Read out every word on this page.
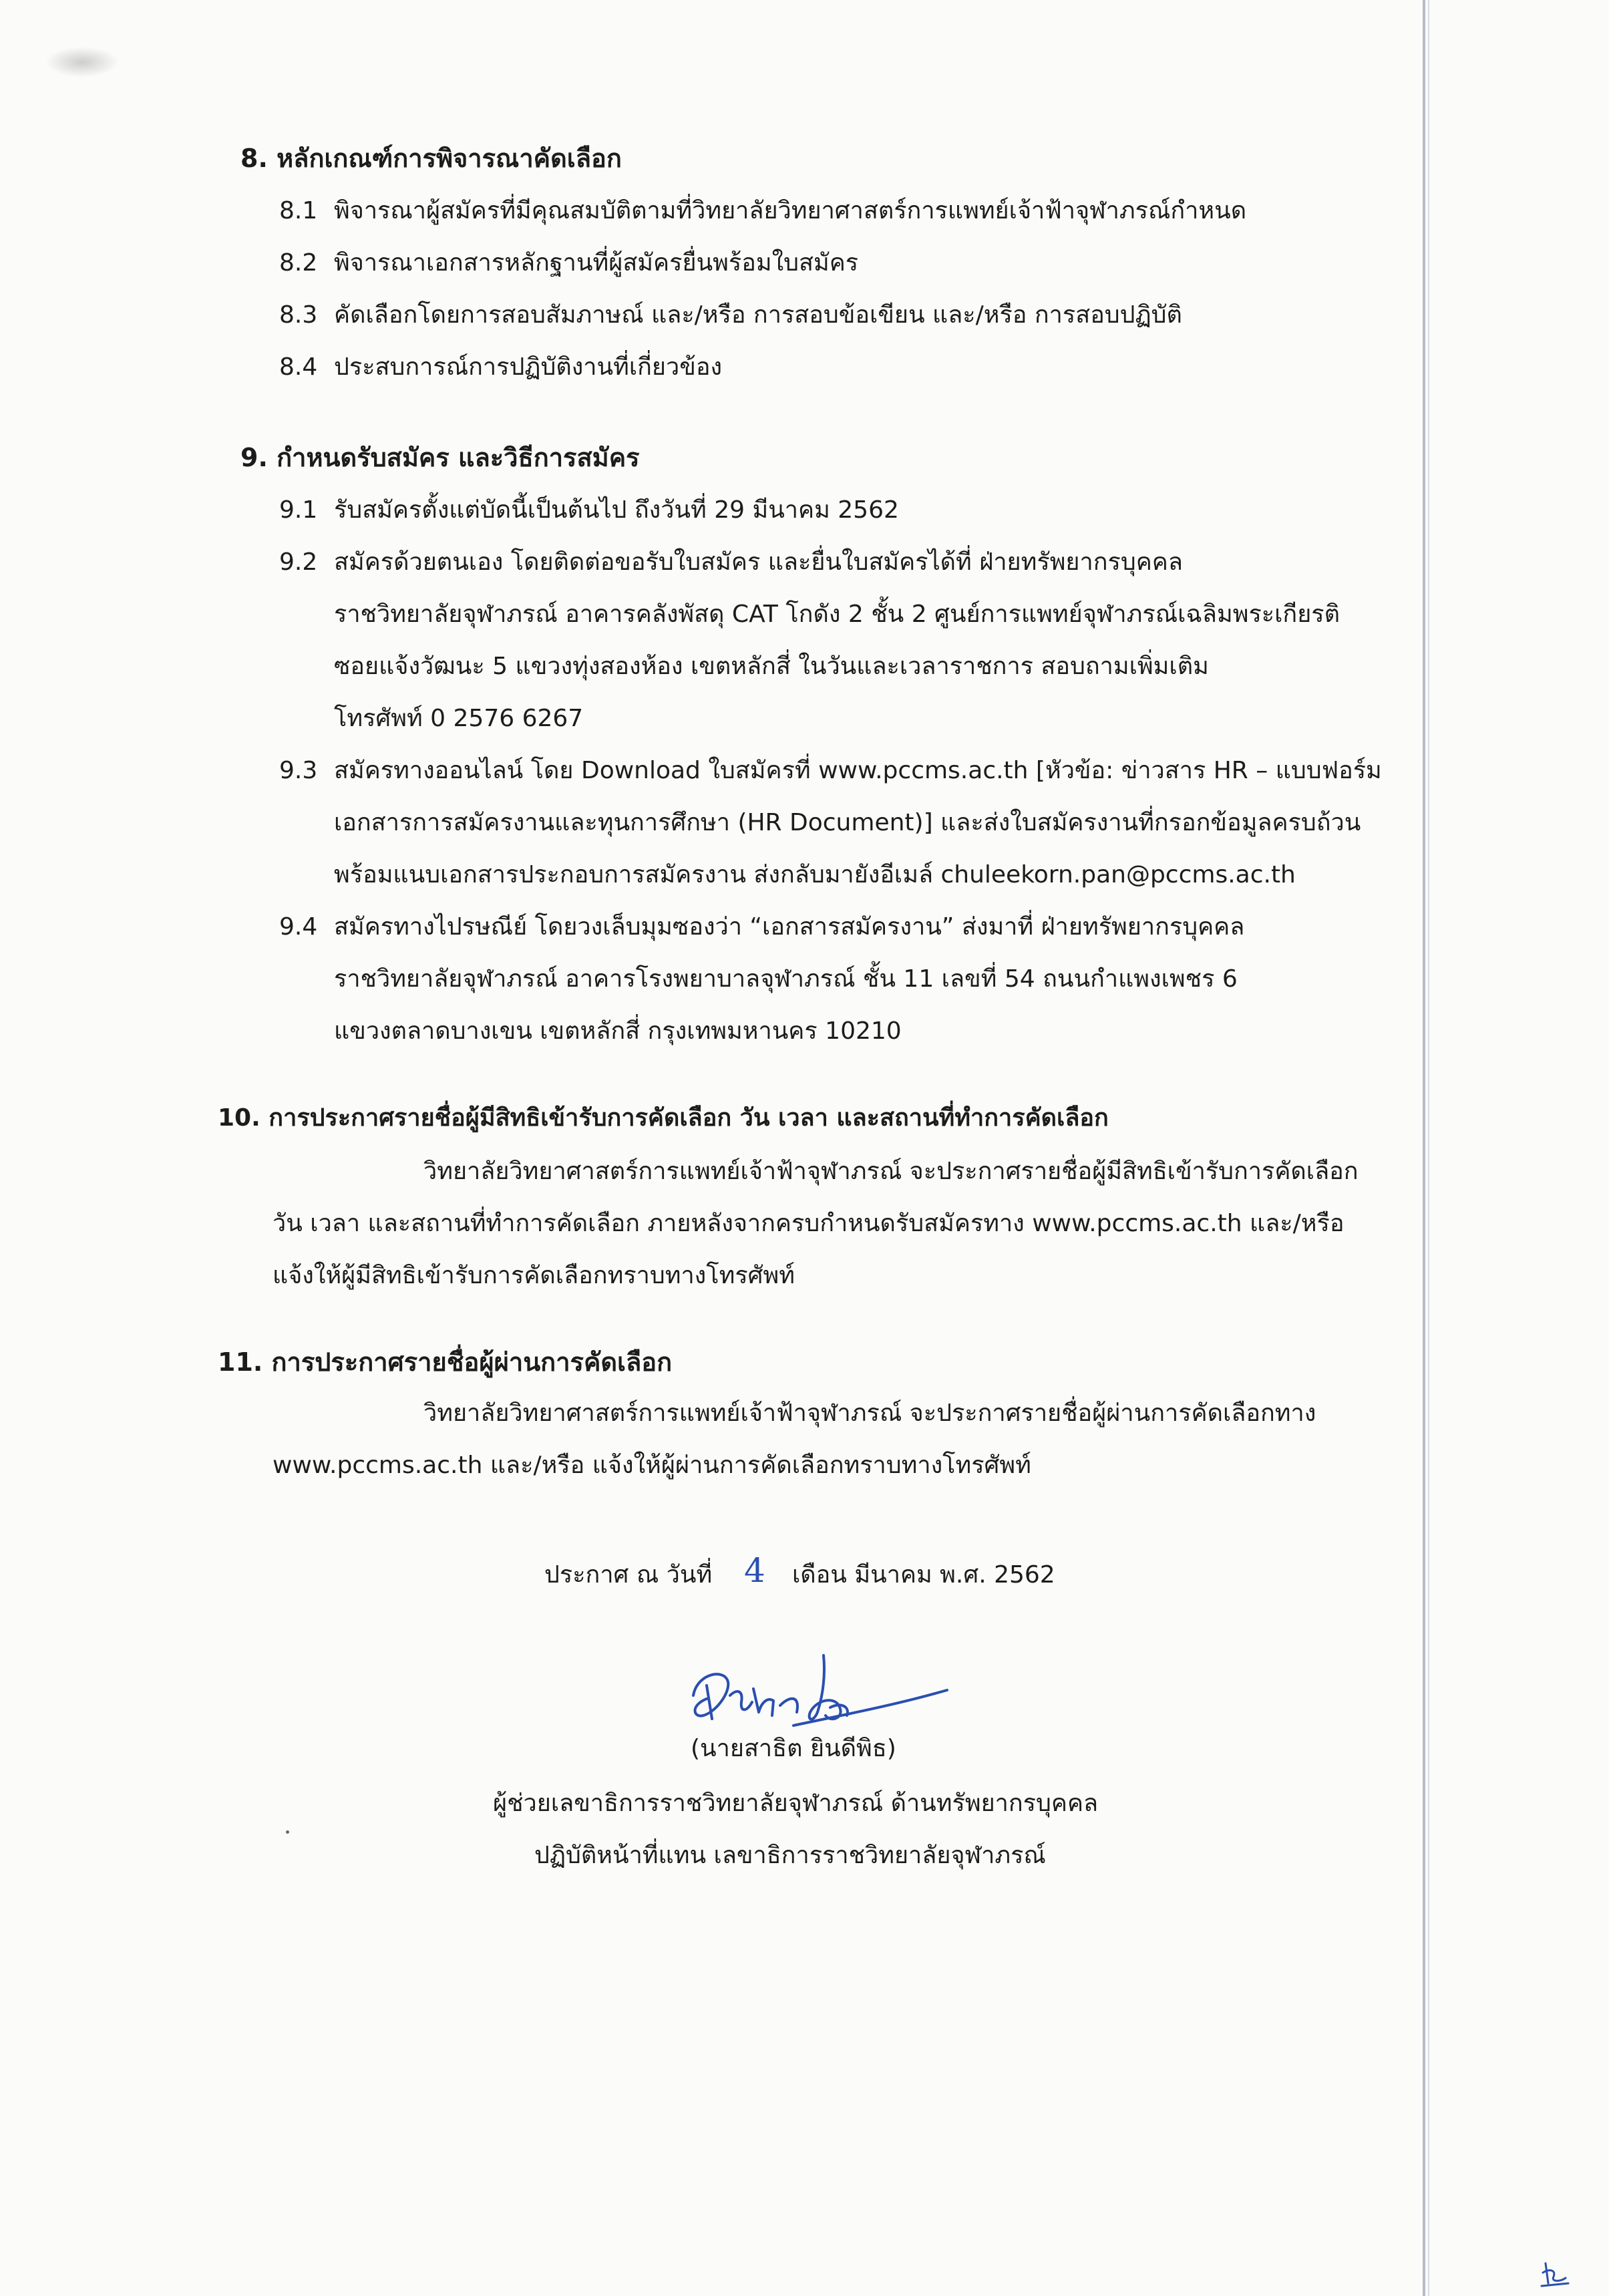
8. หลักเกณฑ์การพิจารณาคัดเลือก
8.1 พิจารณาผู้สมัครที่มีคุณสมบัติตามที่วิทยาลัยวิทยาศาสตร์การแพทย์เจ้าฟ้าจุฬาภรณ์กำหนด
8.2 พิจารณาเอกสารหลักฐานที่ผู้สมัครยื่นพร้อมใบสมัคร
8.3 คัดเลือกโดยการสอบสัมภาษณ์ และ/หรือ การสอบข้อเขียน และ/หรือ การสอบปฏิบัติ
8.4 ประสบการณ์การปฏิบัติงานที่เกี่ยวข้อง
9. กำหนดรับสมัคร และวิธีการสมัคร
9.1 รับสมัครตั้งแต่บัดนี้เป็นต้นไป ถึงวันที่ 29 มีนาคม 2562
9.2 สมัครด้วยตนเอง โดยติดต่อขอรับใบสมัคร และยื่นใบสมัครได้ที่ ฝ่ายทรัพยากรบุคคล
ราชวิทยาลัยจุฬาภรณ์ อาคารคลังพัสดุ CAT โกดัง 2 ชั้น 2 ศูนย์การแพทย์จุฬาภรณ์เฉลิมพระเกียรติ
ซอยแจ้งวัฒนะ 5 แขวงทุ่งสองห้อง เขตหลักสี่ ในวันและเวลาราชการ สอบถามเพิ่มเติม
โทรศัพท์ 0 2576 6267
9.3 สมัครทางออนไลน์ โดย Download ใบสมัครที่ www.pccms.ac.th [หัวข้อ: ข่าวสาร HR – แบบฟอร์ม
เอกสารการสมัครงานและทุนการศึกษา (HR Document)] และส่งใบสมัครงานที่กรอกข้อมูลครบถ้วน
พร้อมแนบเอกสารประกอบการสมัครงาน ส่งกลับมายังอีเมล์ chuleekorn.pan@pccms.ac.th
9.4 สมัครทางไปรษณีย์ โดยวงเล็บมุมซองว่า “เอกสารสมัครงาน” ส่งมาที่ ฝ่ายทรัพยากรบุคคล
ราชวิทยาลัยจุฬาภรณ์ อาคารโรงพยาบาลจุฬาภรณ์ ชั้น 11 เลขที่ 54 ถนนกำแพงเพชร 6
แขวงตลาดบางเขน เขตหลักสี่ กรุงเทพมหานคร 10210
10. การประกาศรายชื่อผู้มีสิทธิเข้ารับการคัดเลือก วัน เวลา และสถานที่ทำการคัดเลือก
วิทยาลัยวิทยาศาสตร์การแพทย์เจ้าฟ้าจุฬาภรณ์ จะประกาศรายชื่อผู้มีสิทธิเข้ารับการคัดเลือก
วัน เวลา และสถานที่ทำการคัดเลือก ภายหลังจากครบกำหนดรับสมัครทาง www.pccms.ac.th และ/หรือ
แจ้งให้ผู้มีสิทธิเข้ารับการคัดเลือกทราบทางโทรศัพท์
11. การประกาศรายชื่อผู้ผ่านการคัดเลือก
วิทยาลัยวิทยาศาสตร์การแพทย์เจ้าฟ้าจุฬาภรณ์ จะประกาศรายชื่อผู้ผ่านการคัดเลือกทาง
www.pccms.ac.th และ/หรือ แจ้งให้ผู้ผ่านการคัดเลือกทราบทางโทรศัพท์
ประกาศ ณ วันที่ 4 เดือน มีนาคม พ.ศ. 2562
(นายสาธิต ยินดีพิธ)
ผู้ช่วยเลขาธิการราชวิทยาลัยจุฬาภรณ์ ด้านทรัพยากรบุคคล
ปฏิบัติหน้าที่แทน เลขาธิการราชวิทยาลัยจุฬาภรณ์
